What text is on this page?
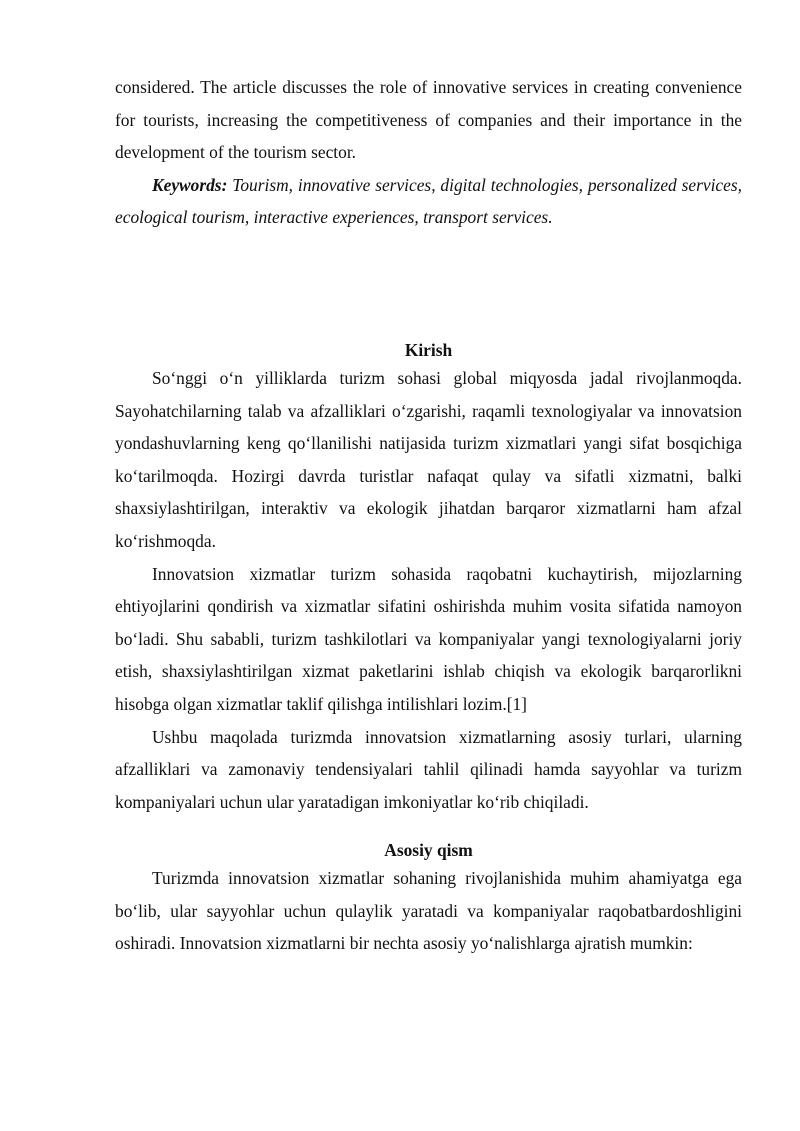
considered. The article discusses the role of innovative services in creating convenience for tourists, increasing the competitiveness of companies and their importance in the development of the tourism sector.

Keywords: Tourism, innovative services, digital technologies, personalized services, ecological tourism, interactive experiences, transport services.

Kirish

So‘nggi o‘n yilliklarda turizm sohasi global miqyosda jadal rivojlanmoqda. Sayohatchilarning talab va afzalliklari o‘zgarishi, raqamli texnologiyalar va innovatsion yondashuvlarning keng qo‘llanilishi natijasida turizm xizmatlari yangi sifat bosqichiga ko‘tarilmoqda. Hozirgi davrda turistlar nafaqat qulay va sifatli xizmatni, balki shaxsiylashtirilgan, interaktiv va ekologik jihatdan barqaror xizmatlarni ham afzal ko‘rishmoqda.

Innovatsion xizmatlar turizm sohasida raqobatni kuchaytirish, mijozlarning ehtiyojlarini qondirish va xizmatlar sifatini oshirishda muhim vosita sifatida namoyon bo‘ladi. Shu sababli, turizm tashkilotlari va kompaniyalar yangi texnologiyalarni joriy etish, shaxsiylashtirilgan xizmat paketlarini ishlab chiqish va ekologik barqarorlikni hisobga olgan xizmatlar taklif qilishga intilishlari lozim.[1]

Ushbu maqolada turizmda innovatsion xizmatlarning asosiy turlari, ularning afzalliklari va zamonaviy tendensiyalari tahlil qilinadi hamda sayyohlar va turizm kompaniyalari uchun ular yaratadigan imkoniyatlar ko‘rib chiqiladi.

Asosiy qism

Turizmda innovatsion xizmatlar sohaning rivojlanishida muhim ahamiyatga ega bo‘lib, ular sayyohlar uchun qulaylik yaratadi va kompaniyalar raqobatbardoshligini oshiradi. Innovatsion xizmatlarni bir nechta asosiy yo‘nalishlarga ajratish mumkin:
